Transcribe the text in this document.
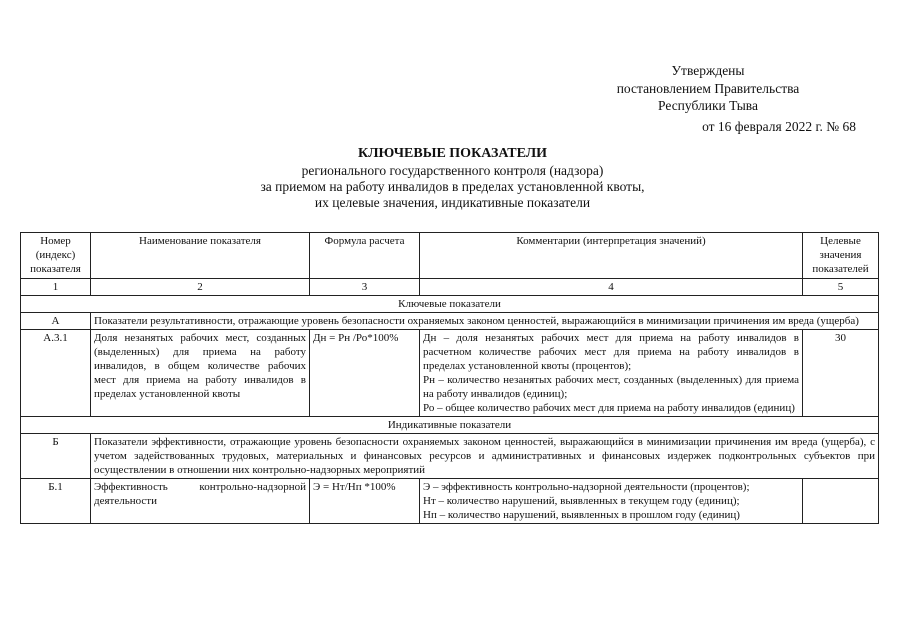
Утверждены
постановлением Правительства
Республики Тыва
от 16 февраля 2022 г. № 68
КЛЮЧЕВЫЕ ПОКАЗАТЕЛИ
регионального государственного контроля (надзора)
за приемом на работу инвалидов в пределах установленной квоты,
их целевые значения, индикативные показатели
Номер (индекс) показателя	Наименование показателя	Формула расчета	Комментарии (интерпретация значений)	Целевые значения показателей
1	2	3	4	5
Ключевые показатели				
А	Показатели результативности, отражающие уровень безопасности охраняемых законом ценностей, выражающийся в минимизации причинения им вреда (ущерба)			
А.3.1	Доля незанятых рабочих мест, созданных (выделенных) для приема на работу инвалидов, в общем количестве рабочих мест для приема на работу инвалидов в пределах установленной квоты	Дн = Рн /Ро*100%	Дн – доля незанятых рабочих мест для приема на работу инвалидов в расчетном количестве рабочих мест для приема на работу инвалидов в пределах установленной квоты (процентов);
Рн – количество незанятых рабочих мест, созданных (выделенных) для приема на работу инвалидов (единиц);
Ро – общее количество рабочих мест для приема на работу инвалидов (единиц)	30
Индикативные показатели				
Б	Показатели эффективности, отражающие уровень безопасности охраняемых законом ценностей, выражающийся в минимизации причинения им вреда (ущерба), с учетом задействованных трудовых, материальных и финансовых ресурсов и административных и финансовых издержек подконтрольных субъектов при осуществлении в отношении них контрольно-надзорных мероприятий			
Б.1	Эффективность контрольно-надзорной деятельности	Э = Нт/Нп *100%	Э – эффективность контрольно-надзорной деятельности (процентов);
Нт – количество нарушений, выявленных в текущем году (единиц);
Нп – количество нарушений, выявленных в прошлом году (единиц)	
